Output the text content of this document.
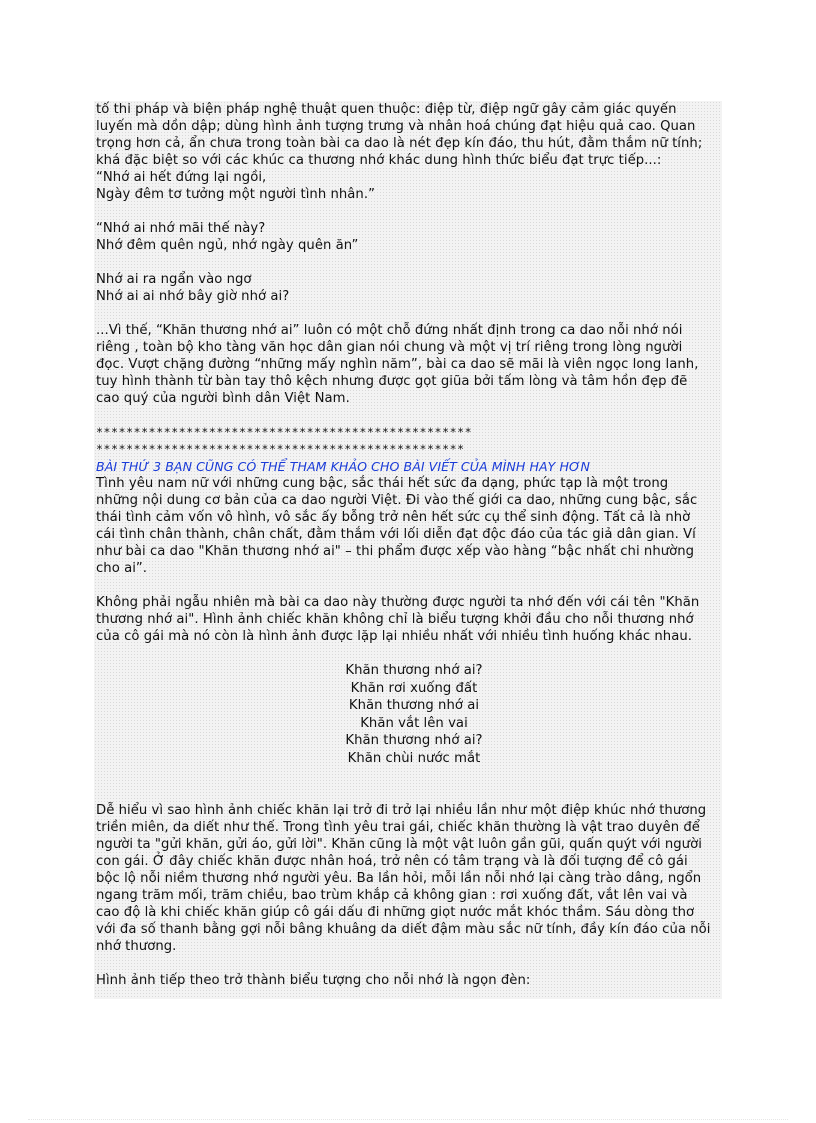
tố thi pháp và biện pháp nghệ thuật quen thuộc: điệp từ, điệp ngữ gây cảm giác quyến
luyến mà dồn dập; dùng hình ảnh tượng trưng và nhân hoá chúng đạt hiệu quả cao. Quan
trọng hơn cả, ẩn chưa trong toàn bài ca dao là nét đẹp kín đáo, thu hút, đằm thắm nữ tính;
khá đặc biệt so với các khúc ca thương nhớ khác dung hình thức biểu đạt trực tiếp...:
“Nhớ ai hết đứng lại ngồi,
Ngày đêm tơ tưởng một người tình nhân.”

“Nhớ ai nhớ mãi thế này?
Nhớ đêm quên ngủ, nhớ ngày quên ăn”

Nhớ ai ra ngẩn vào ngơ
Nhớ ai ai nhớ bây giờ nhớ ai?

...Vì thế, “Khăn thương nhớ ai” luôn có một chỗ đứng nhất định trong ca dao nỗi nhớ nói
riêng , toàn bộ kho tàng văn học dân gian nói chung và một vị trí riêng trong lòng người
đọc. Vượt chặng đường “những mấy nghìn năm”, bài ca dao sẽ mãi là viên ngọc long lanh,
tuy hình thành từ bàn tay thô kệch nhưng được gọt giũa bởi tấm lòng và tâm hồn đẹp đẽ
cao quý của người bình dân Việt Nam.

**************************************************

*************************************************

BÀI THỨ 3 BẠN CŨNG CÓ THỂ THAM KHẢO CHO BÀI VIẾT CỦA MÌNH HAY HƠN

Tình yêu nam nữ với những cung bậc, sắc thái hết sức đa dạng, phức tạp là một trong
những nội dung cơ bản của ca dao người Việt. Đi vào thế giới ca dao, những cung bậc, sắc
thái tình cảm vốn vô hình, vô sắc ấy bỗng trở nên hết sức cụ thể sinh động. Tất cả là nhờ
cái tình chân thành, chân chất, đằm thắm với lối diễn đạt độc đáo của tác giả dân gian. Ví
như bài ca dao "Khăn thương nhớ ai" – thi phẩm được xếp vào hàng “bậc nhất chi nhường
cho ai”.

Không phải ngẫu nhiên mà bài ca dao này thường được người ta nhớ đến với cái tên "Khăn
thương nhớ ai". Hình ảnh chiếc khăn không chỉ là biểu tượng khởi đầu cho nỗi thương nhớ
của cô gái mà nó còn là hình ảnh được lặp lại nhiều nhất với nhiều tình huống khác nhau.

Khăn thương nhớ ai?
Khăn rơi xuống đất
Khăn thương nhớ ai
Khăn vắt lên vai
Khăn thương nhớ ai?
Khăn chùi nước mắt

Dễ hiểu vì sao hình ảnh chiếc khăn lại trở đi trở lại nhiều lần như một điệp khúc nhớ thương
triền miên, da diết như thế. Trong tình yêu trai gái, chiếc khăn thường là vật trao duyên để
người ta "gửi khăn, gửi áo, gửi lời". Khăn cũng là một vật luôn gần gũi, quấn quýt với người
con gái. Ở đây chiếc khăn được nhân hoá, trở nên có tâm trạng và là đối tượng để cô gái
bộc lộ nỗi niềm thương nhớ người yêu. Ba lần hỏi, mỗi lần nỗi nhớ lại càng trào dâng, ngổn
ngang trăm mối, trăm chiều, bao trùm khắp cả không gian : rơi xuống đất, vắt lên vai và
cao độ là khi chiếc khăn giúp cô gái dấu đi những giọt nước mắt khóc thầm. Sáu dòng thơ
với đa số thanh bằng gợi nỗi bâng khuâng da diết đậm màu sắc nữ tính, đầy kín đáo của nỗi
nhớ thương.

Hình ảnh tiếp theo trở thành biểu tượng cho nỗi nhớ là ngọn đèn:
